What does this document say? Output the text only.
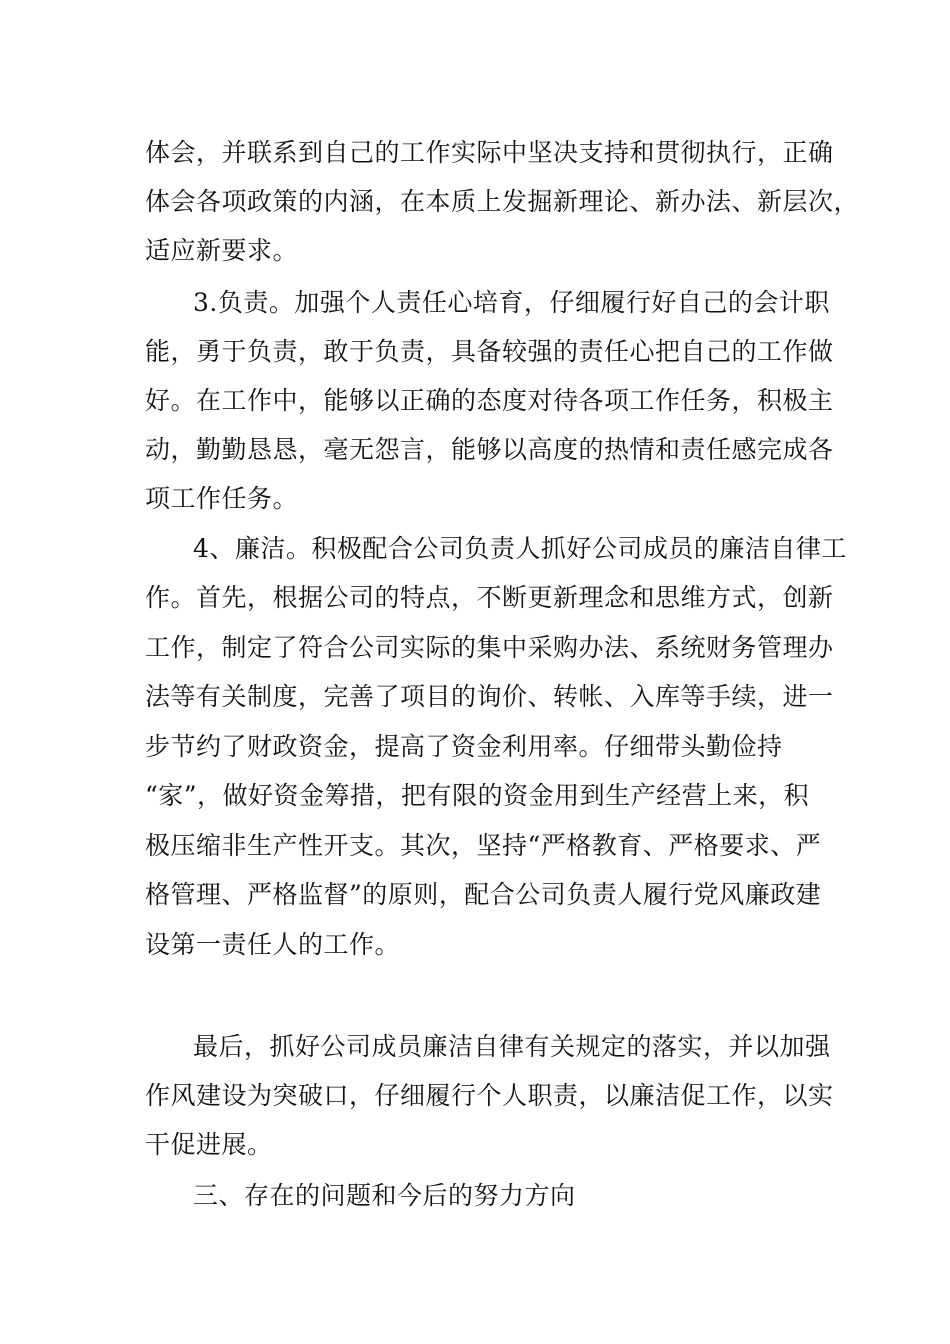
体会，并联系到自己的工作实际中坚决支持和贯彻执行，正确
体会各项政策的内涵，在本质上发掘新理论、新办法、新层次，
适应新要求。
3.负责。加强个人责任心培育，仔细履行好自己的会计职
能，勇于负责，敢于负责，具备较强的责任心把自己的工作做
好。在工作中，能够以正确的态度对待各项工作任务，积极主
动，勤勤恳恳，毫无怨言，能够以高度的热情和责任感完成各
项工作任务。
4、廉洁。积极配合公司负责人抓好公司成员的廉洁自律工
作。首先，根据公司的特点，不断更新理念和思维方式，创新
工作，制定了符合公司实际的集中采购办法、系统财务管理办
法等有关制度，完善了项目的询价、转帐、入库等手续，进一
步节约了财政资金，提高了资金利用率。仔细带头勤俭持
“家”，做好资金筹措，把有限的资金用到生产经营上来，积
极压缩非生产性开支。其次，坚持“严格教育、严格要求、严
格管理、严格监督”的原则，配合公司负责人履行党风廉政建
设第一责任人的工作。
最后，抓好公司成员廉洁自律有关规定的落实，并以加强
作风建设为突破口，仔细履行个人职责，以廉洁促工作，以实
干促进展。
三、存在的问题和今后的努力方向
